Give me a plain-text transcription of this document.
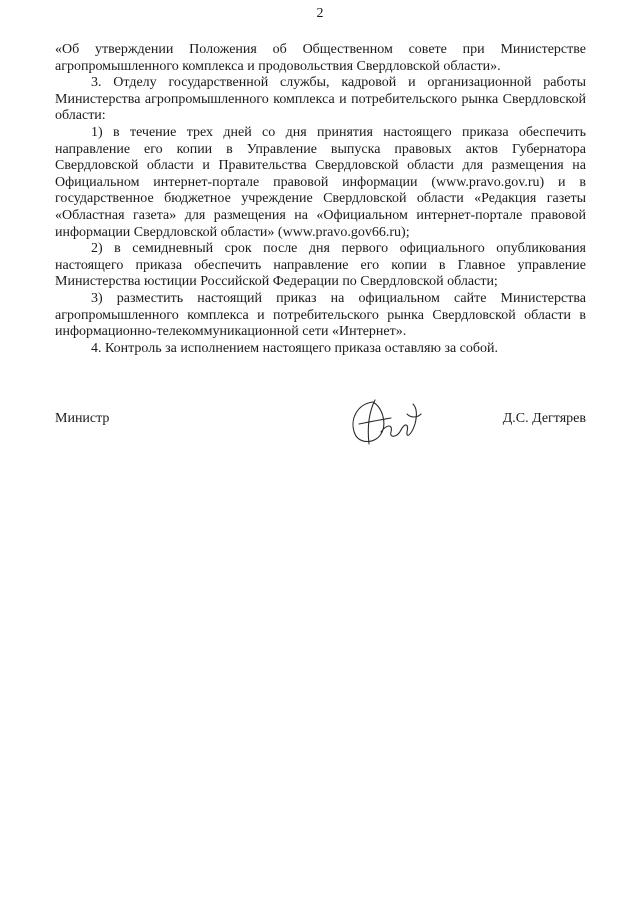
2

«Об утверждении Положения об Общественном совете при Министерстве агропромышленного комплекса и продовольствия Свердловской области».

3. Отделу государственной службы, кадровой и организационной работы Министерства агропромышленного комплекса и потребительского рынка Свердловской области:

1) в течение трех дней со дня принятия настоящего приказа обеспечить направление его копии в Управление выпуска правовых актов Губернатора Свердловской области и Правительства Свердловской области для размещения на Официальном интернет-портале правовой информации (www.pravo.gov.ru) и в государственное бюджетное учреждение Свердловской области «Редакция газеты «Областная газета» для размещения на «Официальном интернет-портале правовой информации Свердловской области» (www.pravo.gov66.ru);

2) в семидневный срок после дня первого официального опубликования настоящего приказа обеспечить направление его копии в Главное управление Министерства юстиции Российской Федерации по Свердловской области;

3) разместить настоящий приказ на официальном сайте Министерства агропромышленного комплекса и потребительского рынка Свердловской области в информационно-телекоммуникационной сети «Интернет».

4. Контроль за исполнением настоящего приказа оставляю за собой.

Министр	Д.С. Дегтярев
